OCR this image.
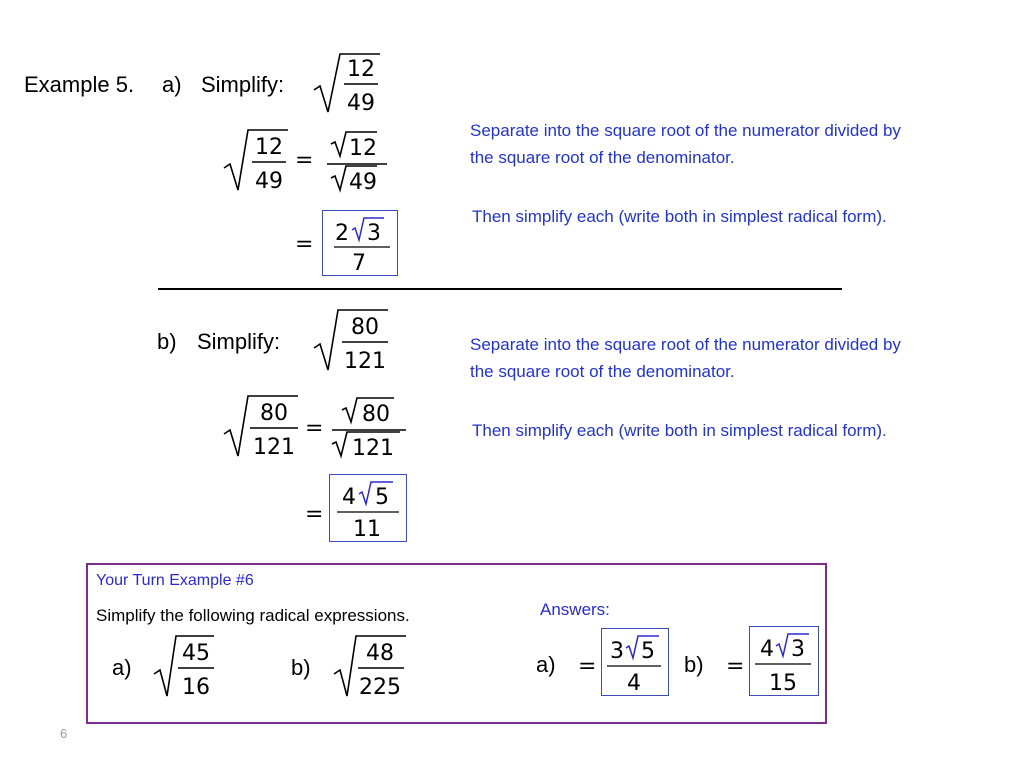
Example 5. a) Simplify:
12
49
12
49
= 12
49
= 2 3
7
Separate into the square root of the numerator divided by the square root of the denominator.
Then simplify each (write both in simplest radical form).
b) Simplify:
80
121
80
121
=
80
121
=
4 5
11
Separate into the square root of the numerator divided by the square root of the denominator.
Then simplify each (write both in simplest radical form).
Your Turn Example #6
Simplify the following radical expressions.	Answers:
a)
45
16
b)
48
225
a) =
3 5
4
b) =
4 3
15
6
